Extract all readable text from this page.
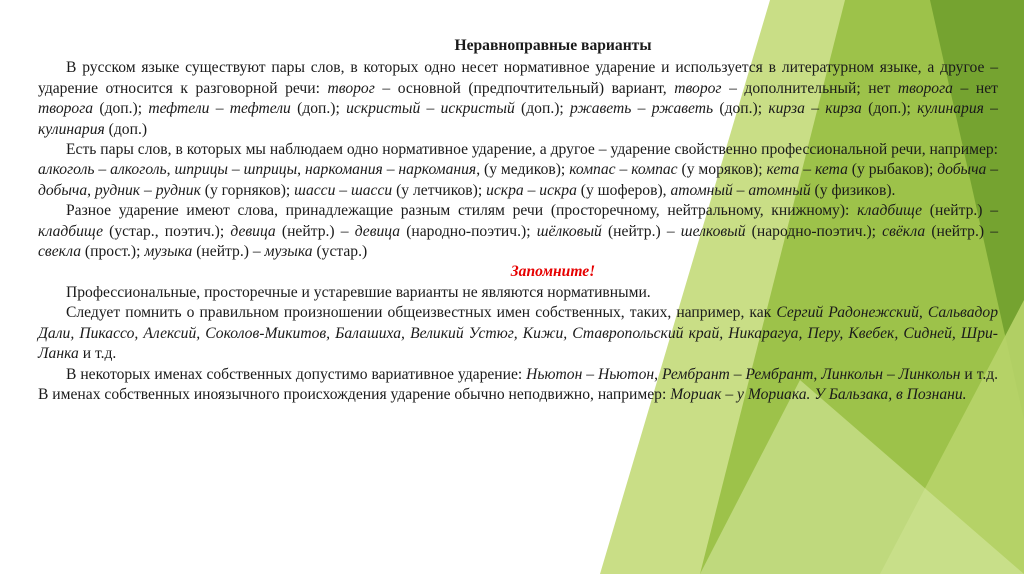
Неравноправные варианты

В русском языке существуют пары слов, в которых одно несет нормативное ударение и используется в литературном языке, а другое – ударение относится к разговорной речи: творог – основной (предпочтительный) вариант, творог – дополнительный; нет творога – нет творога (доп.); тефтели – тефтели (доп.); искристый – искристый (доп.); ржаветь – ржаветь (доп.); кирза – кирза (доп.); кулинария – кулинария (доп.)

Есть пары слов, в которых мы наблюдаем одно нормативное ударение, а другое – ударение свойственно профессиональной речи, например: алкоголь – алкоголь, шприцы – шприцы, наркомания – наркомания, (у медиков); компас – компас (у моряков); кета – кета (у рыбаков); добыча – добыча, рудник – рудник (у горняков); шасси – шасси (у летчиков); искра – искра (у шоферов), атомный – атомный (у физиков).

Разное ударение имеют слова, принадлежащие разным стилям речи (просторечному, нейтральному, книжному): кладбище (нейтр.) – кладбище (устар., поэтич.); девица (нейтр.) – девица (народно-поэтич.); шёлковый (нейтр.) – шелковый (народно-поэтич.); свёкла (нейтр.) – свекла (прост.); музыка (нейтр.) – музыка (устар.)

Запомните!

Профессиональные, просторечные и устаревшие варианты не являются нормативными.

Следует помнить о правильном произношении общеизвестных имен собственных, таких, например, как Сергий Радонежский, Сальвадор Дали, Пикассо, Алексий, Соколов-Микитов, Балашиха, Великий Устюг, Кижи, Ставропольский край, Никарагуа, Перу, Квебек, Сидней, Шри-Ланка и т.д.

В некоторых именах собственных допустимо вариативное ударение: Ньютон – Ньютон, Рембрант – Рембрант, Линкольн – Линкольн и т.д. В именах собственных иноязычного происхождения ударение обычно неподвижно, например: Мориак – у Мориака. У Бальзака, в Познани.
